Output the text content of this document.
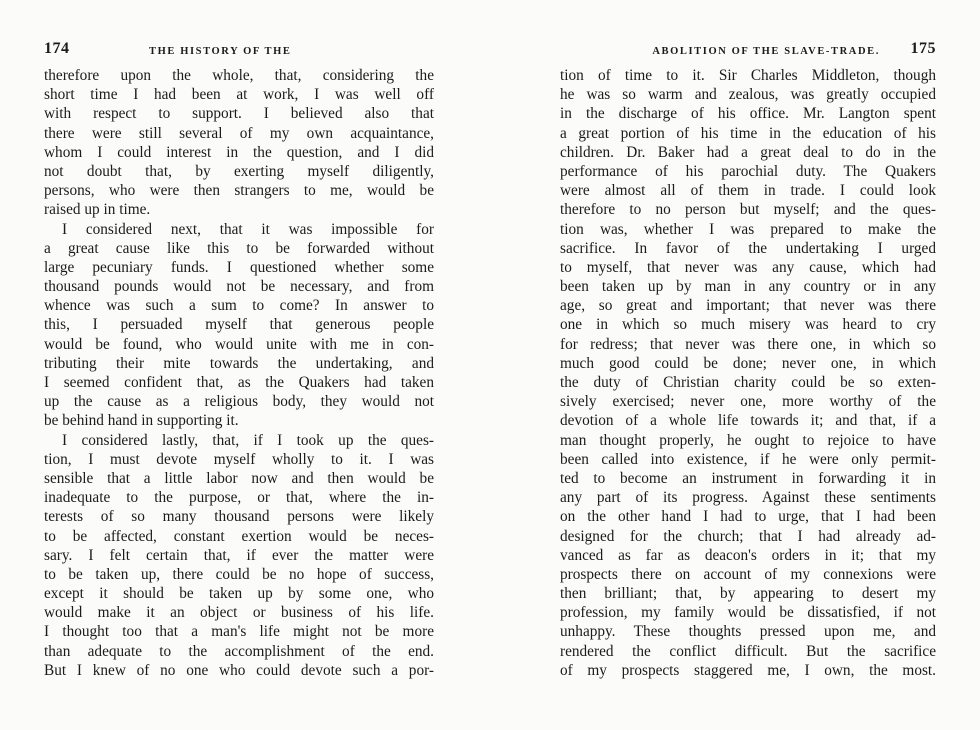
174	THE HISTORY OF THE
therefore upon the whole, that, considering the
short time I had been at work, I was well off
with respect to support. I believed also that
there were still several of my own acquaintance,
whom I could interest in the question, and I did
not doubt that, by exerting myself diligently,
persons, who were then strangers to me, would be
raised up in time.
I considered next, that it was impossible for
a great cause like this to be forwarded without
large pecuniary funds. I questioned whether some
thousand pounds would not be necessary, and from
whence was such a sum to come? In answer to
this, I persuaded myself that generous people
would be found, who would unite with me in con-
tributing their mite towards the undertaking, and
I seemed confident that, as the Quakers had taken
up the cause as a religious body, they would not
be behind hand in supporting it.
I considered lastly, that, if I took up the ques-
tion, I must devote myself wholly to it. I was
sensible that a little labor now and then would be
inadequate to the purpose, or that, where the in-
terests of so many thousand persons were likely
to be affected, constant exertion would be neces-
sary. I felt certain that, if ever the matter were
to be taken up, there could be no hope of success,
except it should be taken up by some one, who
would make it an object or business of his life.
I thought too that a man's life might not be more
than adequate to the accomplishment of the end.
But I knew of no one who could devote such a por-
ABOLITION OF THE SLAVE-TRADE. 175
tion of time to it. Sir Charles Middleton, though
he was so warm and zealous, was greatly occupied
in the discharge of his office. Mr. Langton spent
a great portion of his time in the education of his
children. Dr. Baker had a great deal to do in the
performance of his parochial duty. The Quakers
were almost all of them in trade. I could look
therefore to no person but myself; and the ques-
tion was, whether I was prepared to make the
sacrifice. In favor of the undertaking I urged
to myself, that never was any cause, which had
been taken up by man in any country or in any
age, so great and important; that never was there
one in which so much misery was heard to cry
for redress; that never was there one, in which so
much good could be done; never one, in which
the duty of Christian charity could be so exten-
sively exercised; never one, more worthy of the
devotion of a whole life towards it; and that, if a
man thought properly, he ought to rejoice to have
been called into existence, if he were only permit-
ted to become an instrument in forwarding it in
any part of its progress. Against these sentiments
on the other hand I had to urge, that I had been
designed for the church; that I had already ad-
vanced as far as deacon's orders in it; that my
prospects there on account of my connexions were
then brilliant; that, by appearing to desert my
profession, my family would be dissatisfied, if not
unhappy. These thoughts pressed upon me, and
rendered the conflict difficult. But the sacrifice
of my prospects staggered me, I own, the most.
